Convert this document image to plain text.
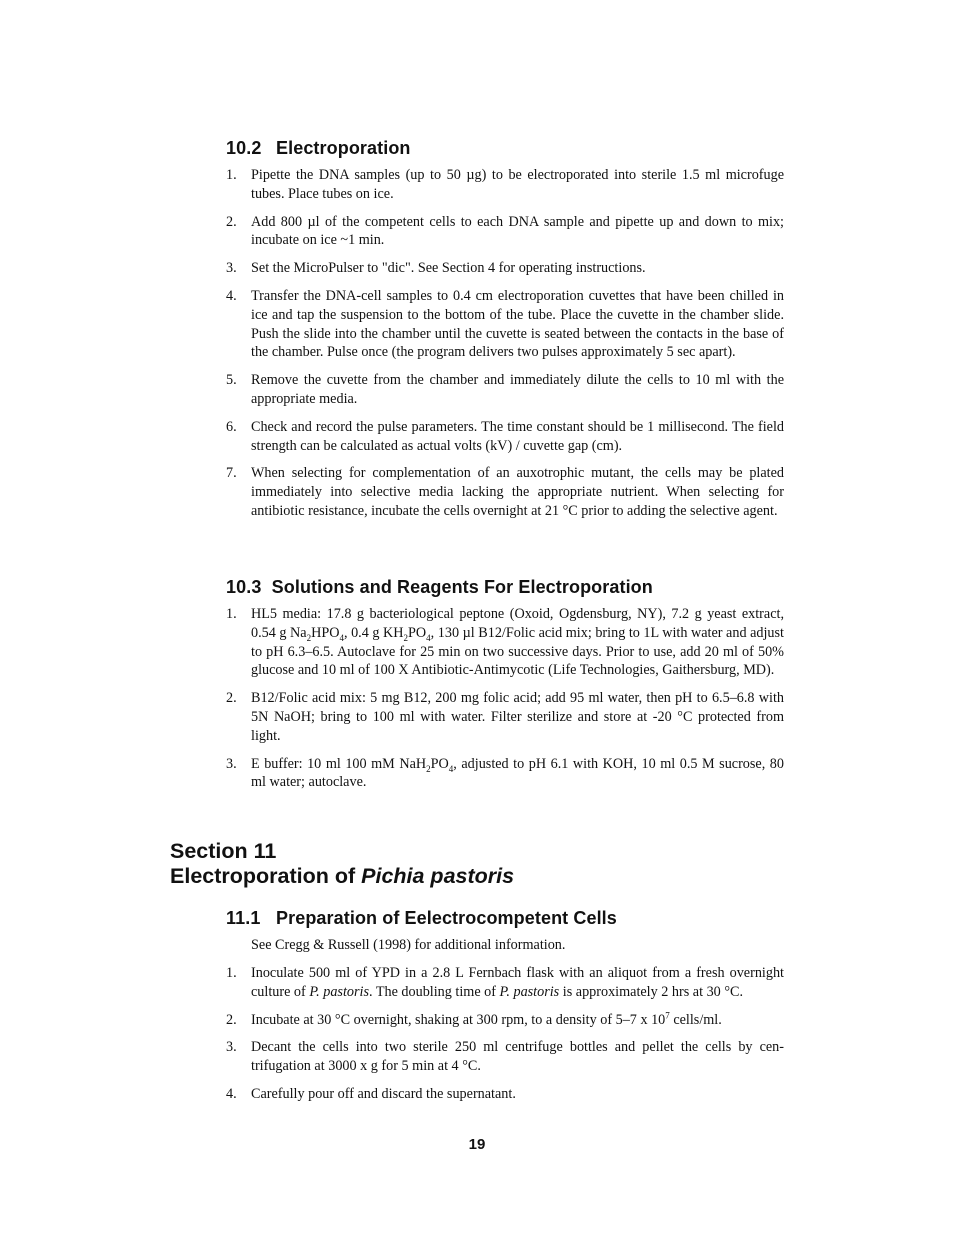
10.2 Electroporation
1. Pipette the DNA samples (up to 50 µg) to be electroporated into sterile 1.5 ml microfuge tubes. Place tubes on ice.
2. Add 800 µl of the competent cells to each DNA sample and pipette up and down to mix; incubate on ice ~1 min.
3. Set the MicroPulser to "dic". See Section 4 for operating instructions.
4. Transfer the DNA-cell samples to 0.4 cm electroporation cuvettes that have been chilled in ice and tap the suspension to the bottom of the tube. Place the cuvette in the chamber slide. Push the slide into the chamber until the cuvette is seated between the contacts in the base of the chamber. Pulse once (the program delivers two pulses approximately 5 sec apart).
5. Remove the cuvette from the chamber and immediately dilute the cells to 10 ml with the appropriate media.
6. Check and record the pulse parameters. The time constant should be 1 millisecond. The field strength can be calculated as actual volts (kV) / cuvette gap (cm).
7. When selecting for complementation of an auxotrophic mutant, the cells may be plated immediately into selective media lacking the appropriate nutrient. When selecting for antibiotic resistance, incubate the cells overnight at 21 °C prior to adding the selective agent.
10.3 Solutions and Reagents For Electroporation
1. HL5 media: 17.8 g bacteriological peptone (Oxoid, Ogdensburg, NY), 7.2 g yeast extract, 0.54 g $Na_2HPO_4$, 0.4 g $KH_2PO_4$, 130 µl B12/Folic acid mix; bring to 1L with water and adjust to pH 6.3–6.5. Autoclave for 25 min on two successive days. Prior to use, add 20 ml of 50% glucose and 10 ml of 100 X Antibiotic-Antimycotic (Life Technologies, Gaithersburg, MD).
2. B12/Folic acid mix: 5 mg B12, 200 mg folic acid; add 95 ml water, then pH to 6.5–6.8 with 5N NaOH; bring to 100 ml with water. Filter sterilize and store at -20 °C protected from light.
3. E buffer: 10 ml 100 mM $NaH_2PO_4$, adjusted to pH 6.1 with KOH, 10 ml 0.5 M sucrose, 80 ml water; autoclave.
Section 11
Electroporation of Pichia pastoris
11.1 Preparation of Eelectrocompetent Cells

See Cregg & Russell (1998) for additional information.

1. Inoculate 500 ml of YPD in a 2.8 L Fernbach flask with an aliquot from a fresh overnight culture of P. pastoris. The doubling time of P. pastoris is approximately 2 hrs at 30 °C.
2. Incubate at 30 °C overnight, shaking at 300 rpm, to a density of 5–7 x $10^7$ cells/ml.
3. Decant the cells into two sterile 250 ml centrifuge bottles and pellet the cells by cen-trifugation at 3000 x g for 5 min at 4 °C.
4. Carefully pour off and discard the supernatant.
19
